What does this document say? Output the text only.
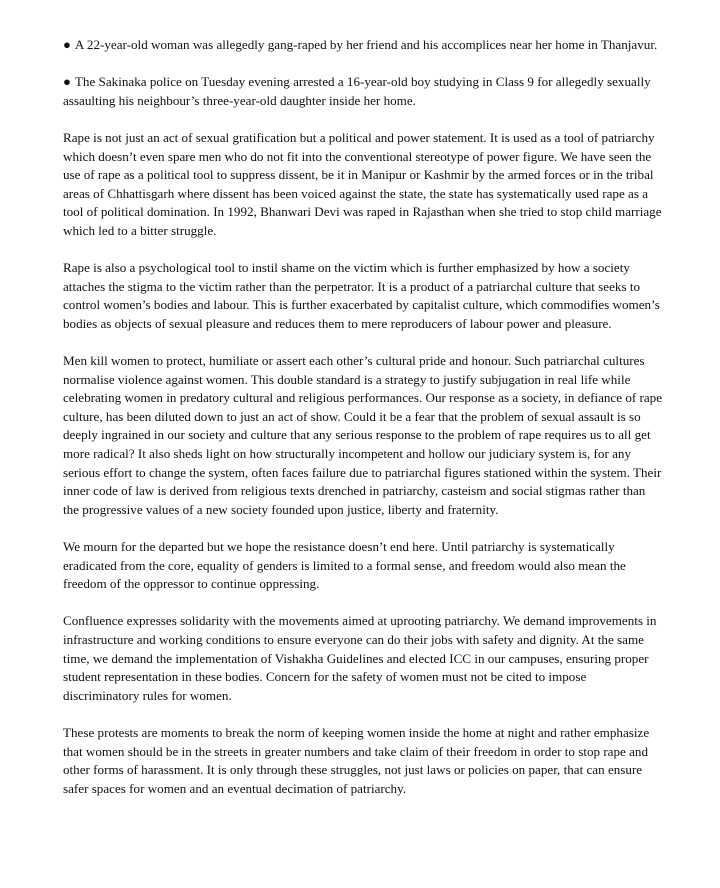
● A 22-year-old woman was allegedly gang-raped by her friend and his accomplices near her home in Thanjavur.

● The Sakinaka police on Tuesday evening arrested a 16-year-old boy studying in Class 9 for allegedly sexually assaulting his neighbour’s three-year-old daughter inside her home.

Rape is not just an act of sexual gratification but a political and power statement. It is used as a tool of patriarchy which doesn’t even spare men who do not fit into the conventional stereotype of power figure. We have seen the use of rape as a political tool to suppress dissent, be it in Manipur or Kashmir by the armed forces or in the tribal areas of Chhattisgarh where dissent has been voiced against the state, the state has systematically used rape as a tool of political domination. In 1992, Bhanwari Devi was raped in Rajasthan when she tried to stop child marriage which led to a bitter struggle.

Rape is also a psychological tool to instil shame on the victim which is further emphasized by how a society attaches the stigma to the victim rather than the perpetrator. It is a product of a patriarchal culture that seeks to control women’s bodies and labour. This is further exacerbated by capitalist culture, which commodifies women’s bodies as objects of sexual pleasure and reduces them to mere reproducers of labour power and pleasure.

Men kill women to protect, humiliate or assert each other’s cultural pride and honour. Such patriarchal cultures normalise violence against women. This double standard is a strategy to justify subjugation in real life while celebrating women in predatory cultural and religious performances. Our response as a society, in defiance of rape culture, has been diluted down to just an act of show. Could it be a fear that the problem of sexual assault is so deeply ingrained in our society and culture that any serious response to the problem of rape requires us to all get more radical? It also sheds light on how structurally incompetent and hollow our judiciary system is, for any serious effort to change the system, often faces failure due to patriarchal figures stationed within the system. Their inner code of law is derived from religious texts drenched in patriarchy, casteism and social stigmas rather than the progressive values of a new society founded upon justice, liberty and fraternity.

We mourn for the departed but we hope the resistance doesn’t end here. Until patriarchy is systematically eradicated from the core, equality of genders is limited to a formal sense, and freedom would also mean the freedom of the oppressor to continue oppressing.

Confluence expresses solidarity with the movements aimed at uprooting patriarchy. We demand improvements in infrastructure and working conditions to ensure everyone can do their jobs with safety and dignity. At the same time, we demand the implementation of Vishakha Guidelines and elected ICC in our campuses, ensuring proper student representation in these bodies. Concern for the safety of women must not be cited to impose discriminatory rules for women.

These protests are moments to break the norm of keeping women inside the home at night and rather emphasize that women should be in the streets in greater numbers and take claim of their freedom in order to stop rape and other forms of harassment. It is only through these struggles, not just laws or policies on paper, that can ensure safer spaces for women and an eventual decimation of patriarchy.
